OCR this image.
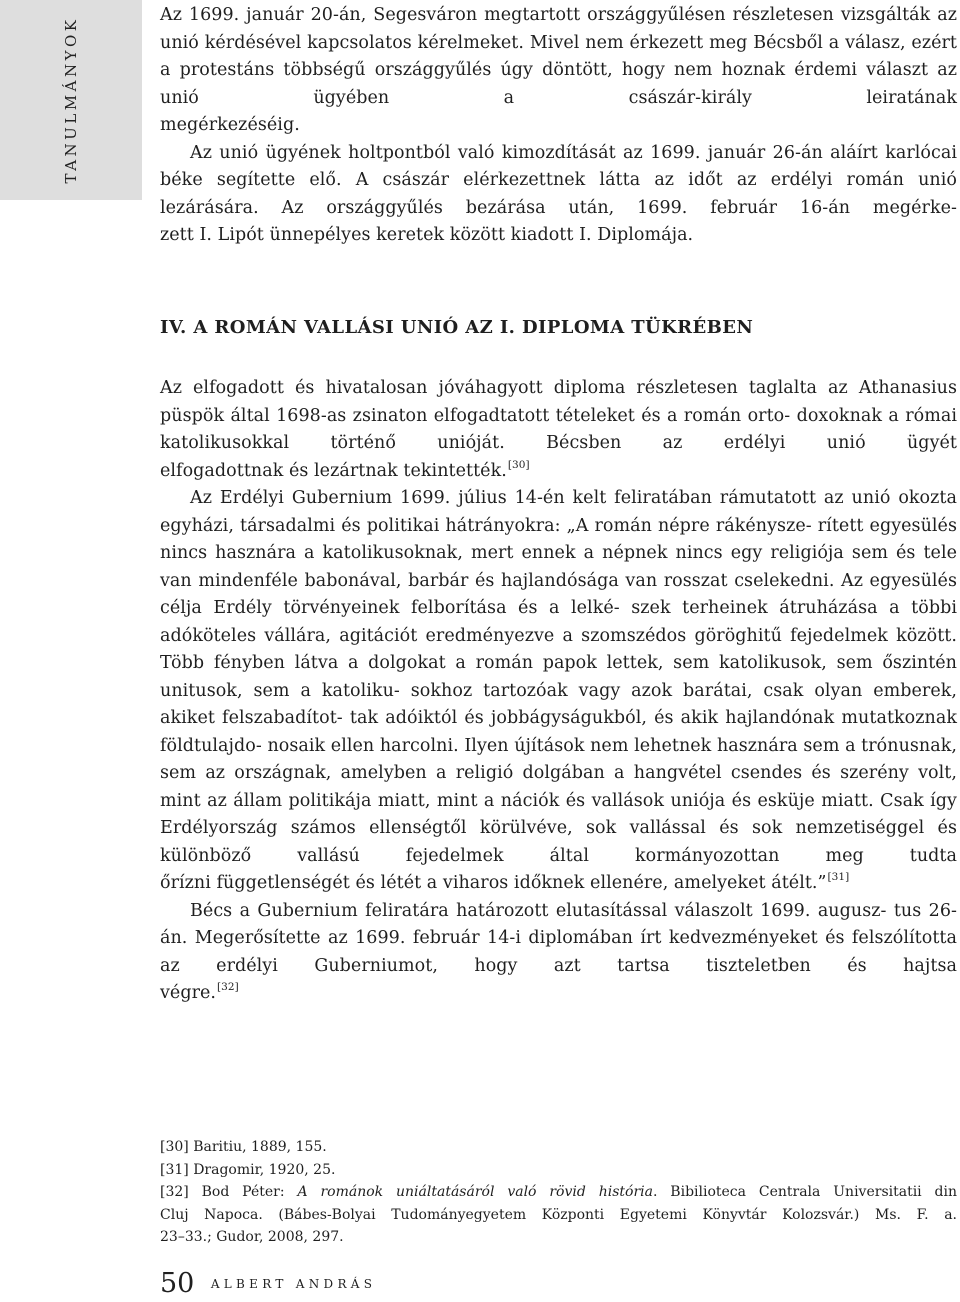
TANULMÁNYOK

Az 1699. január 20-án, Segesváron megtartott országgyűlésen részletesen vizsgálták az unió kérdésével kapcsolatos kérelmeket. Mivel nem érkezett meg Bécsből a válasz, ezért a protestáns többségű országgyűlés úgy döntött, hogy nem hoznak érdemi választ az unió ügyében a császár-király leiratának

megérkezéséig.

Az unió ügyének holtpontból való kimozdítását az 1699. január 26-án aláírt karlócai béke segítette elő. A császár elérkezettnek látta az időt az erdélyi román unió lezárására. Az országgyűlés bezárása után, 1699. február 16-án megérke-

zett I. Lipót ünnepélyes keretek között kiadott I. Diplomája.

IV. A ROMÁN VALLÁSI UNIÓ AZ I. DIPLOMA TÜKRÉBEN

Az elfogadott és hivatalosan jóváhagyott diploma részletesen taglalta az Athanasius püspök által 1698-as zsinaton elfogadtatott tételeket és a román orto- doxoknak a római katolikusokkal történő unióját. Bécsben az erdélyi unió ügyét

elfogadottnak és lezártnak tekintették.[30]

Az Erdélyi Gubernium 1699. július 14-én kelt feliratában rámutatott az unió okozta egyházi, társadalmi és politikai hátrányokra: „A román népre rákénysze- rített egyesülés nincs hasznára a katolikusoknak, mert ennek a népnek nincs egy religiója sem és tele van mindenféle babonával, barbár és hajlandósága van rosszat cselekedni. Az egyesülés célja Erdély törvényeinek felborítása és a lelké- szek terheinek átruházása a többi adóköteles vállára, agitációt eredményezve a szomszédos göröghitű fejedelmek között. Több fényben látva a dolgokat a román papok lettek, sem katolikusok, sem őszintén unitusok, sem a katoliku- sokhoz tartozóak vagy azok barátai, csak olyan emberek, akiket felszabadítot- tak adóiktól és jobbágyságukból, és akik hajlandónak mutatkoznak földtulajdo- nosaik ellen harcolni. Ilyen újítások nem lehetnek hasznára sem a trónusnak, sem az országnak, amelyben a religió dolgában a hangvétel csendes és szerény volt, mint az állam politikája miatt, mint a nációk és vallások uniója és esküje miatt. Csak így Erdélyország számos ellenségtől körülvéve, sok vallással és sok nemzetiséggel és különböző vallású fejedelmek által kormányozottan meg tudta

őrízni függetlenségét és létét a viharos időknek ellenére, amelyeket átélt.”[31]

Bécs a Gubernium feliratára határozott elutasítással válaszolt 1699. augusz- tus 26-án. Megerősítette az 1699. február 14-i diplomában írt kedvezményeket és felszólította az erdélyi Guberniumot, hogy azt tartsa tiszteletben és hajtsa

végre.[32]

[30] Baritiu, 1889, 155.
[31] Dragomir, 1920, 25.
[32] Bod Péter: A románok uniáltatásáról való rövid história. Bibilioteca Centrala Universitatii din
Cluj Napoca. (Bábes-Bolyai Tudományegyetem Központi Egyetemi Könyvtár Kolozsvár.) Ms. F. a.
23–33.; Gudor, 2008, 297.
50 ALBERT ANDRÁS
